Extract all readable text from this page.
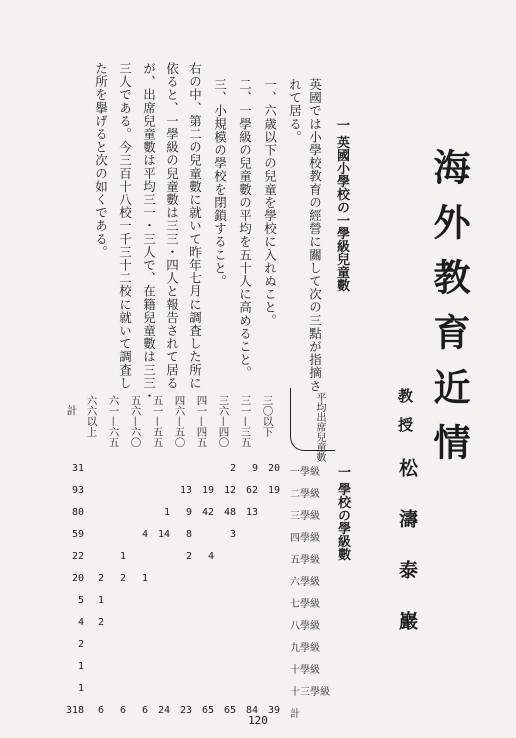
海外教育近情
教授
松濤泰巖
一 學校の學級數
一 英國小學校の一學級兒童數
英國では小學校教育の經營に關して次の三點が指摘さ
れて居る。
一、六歳以下の兒童を學校に入れぬこと。
二、一學級の兒童數の平均を五十人に高めること。
三、小規模の學校を閉鎖すること。
右の中、第二の兒童數に就いて昨年七月に調査した所に
依ると、一學級の兒童數は三三・四人と報告されて居る
が、出席兒童數は平均三一・三人で、在籍兒童數は三三・
三人である。今三百十八校一千三十二校に就いて調査し
た所を擧げると次の如くである。
平均出席兒童數
一學級
二學級
三學級
四學級
五學級
六學級
七學級
八學級
九學級
十學級
十三學級
計
三〇以下
20
19
39
三一—三五
9
62
13
84
三六—四〇
2
12
48
3
65
四一—四五
19
42
4
65
四六—五〇
13
9
8
2
23
五一—五五
1
14
24
五六—六〇
4
1
6
六一—六五
1
2
6
六六以上
2
1
2
6
計
31
93
80
59
22
20
5
4
2
1
1
318
120
